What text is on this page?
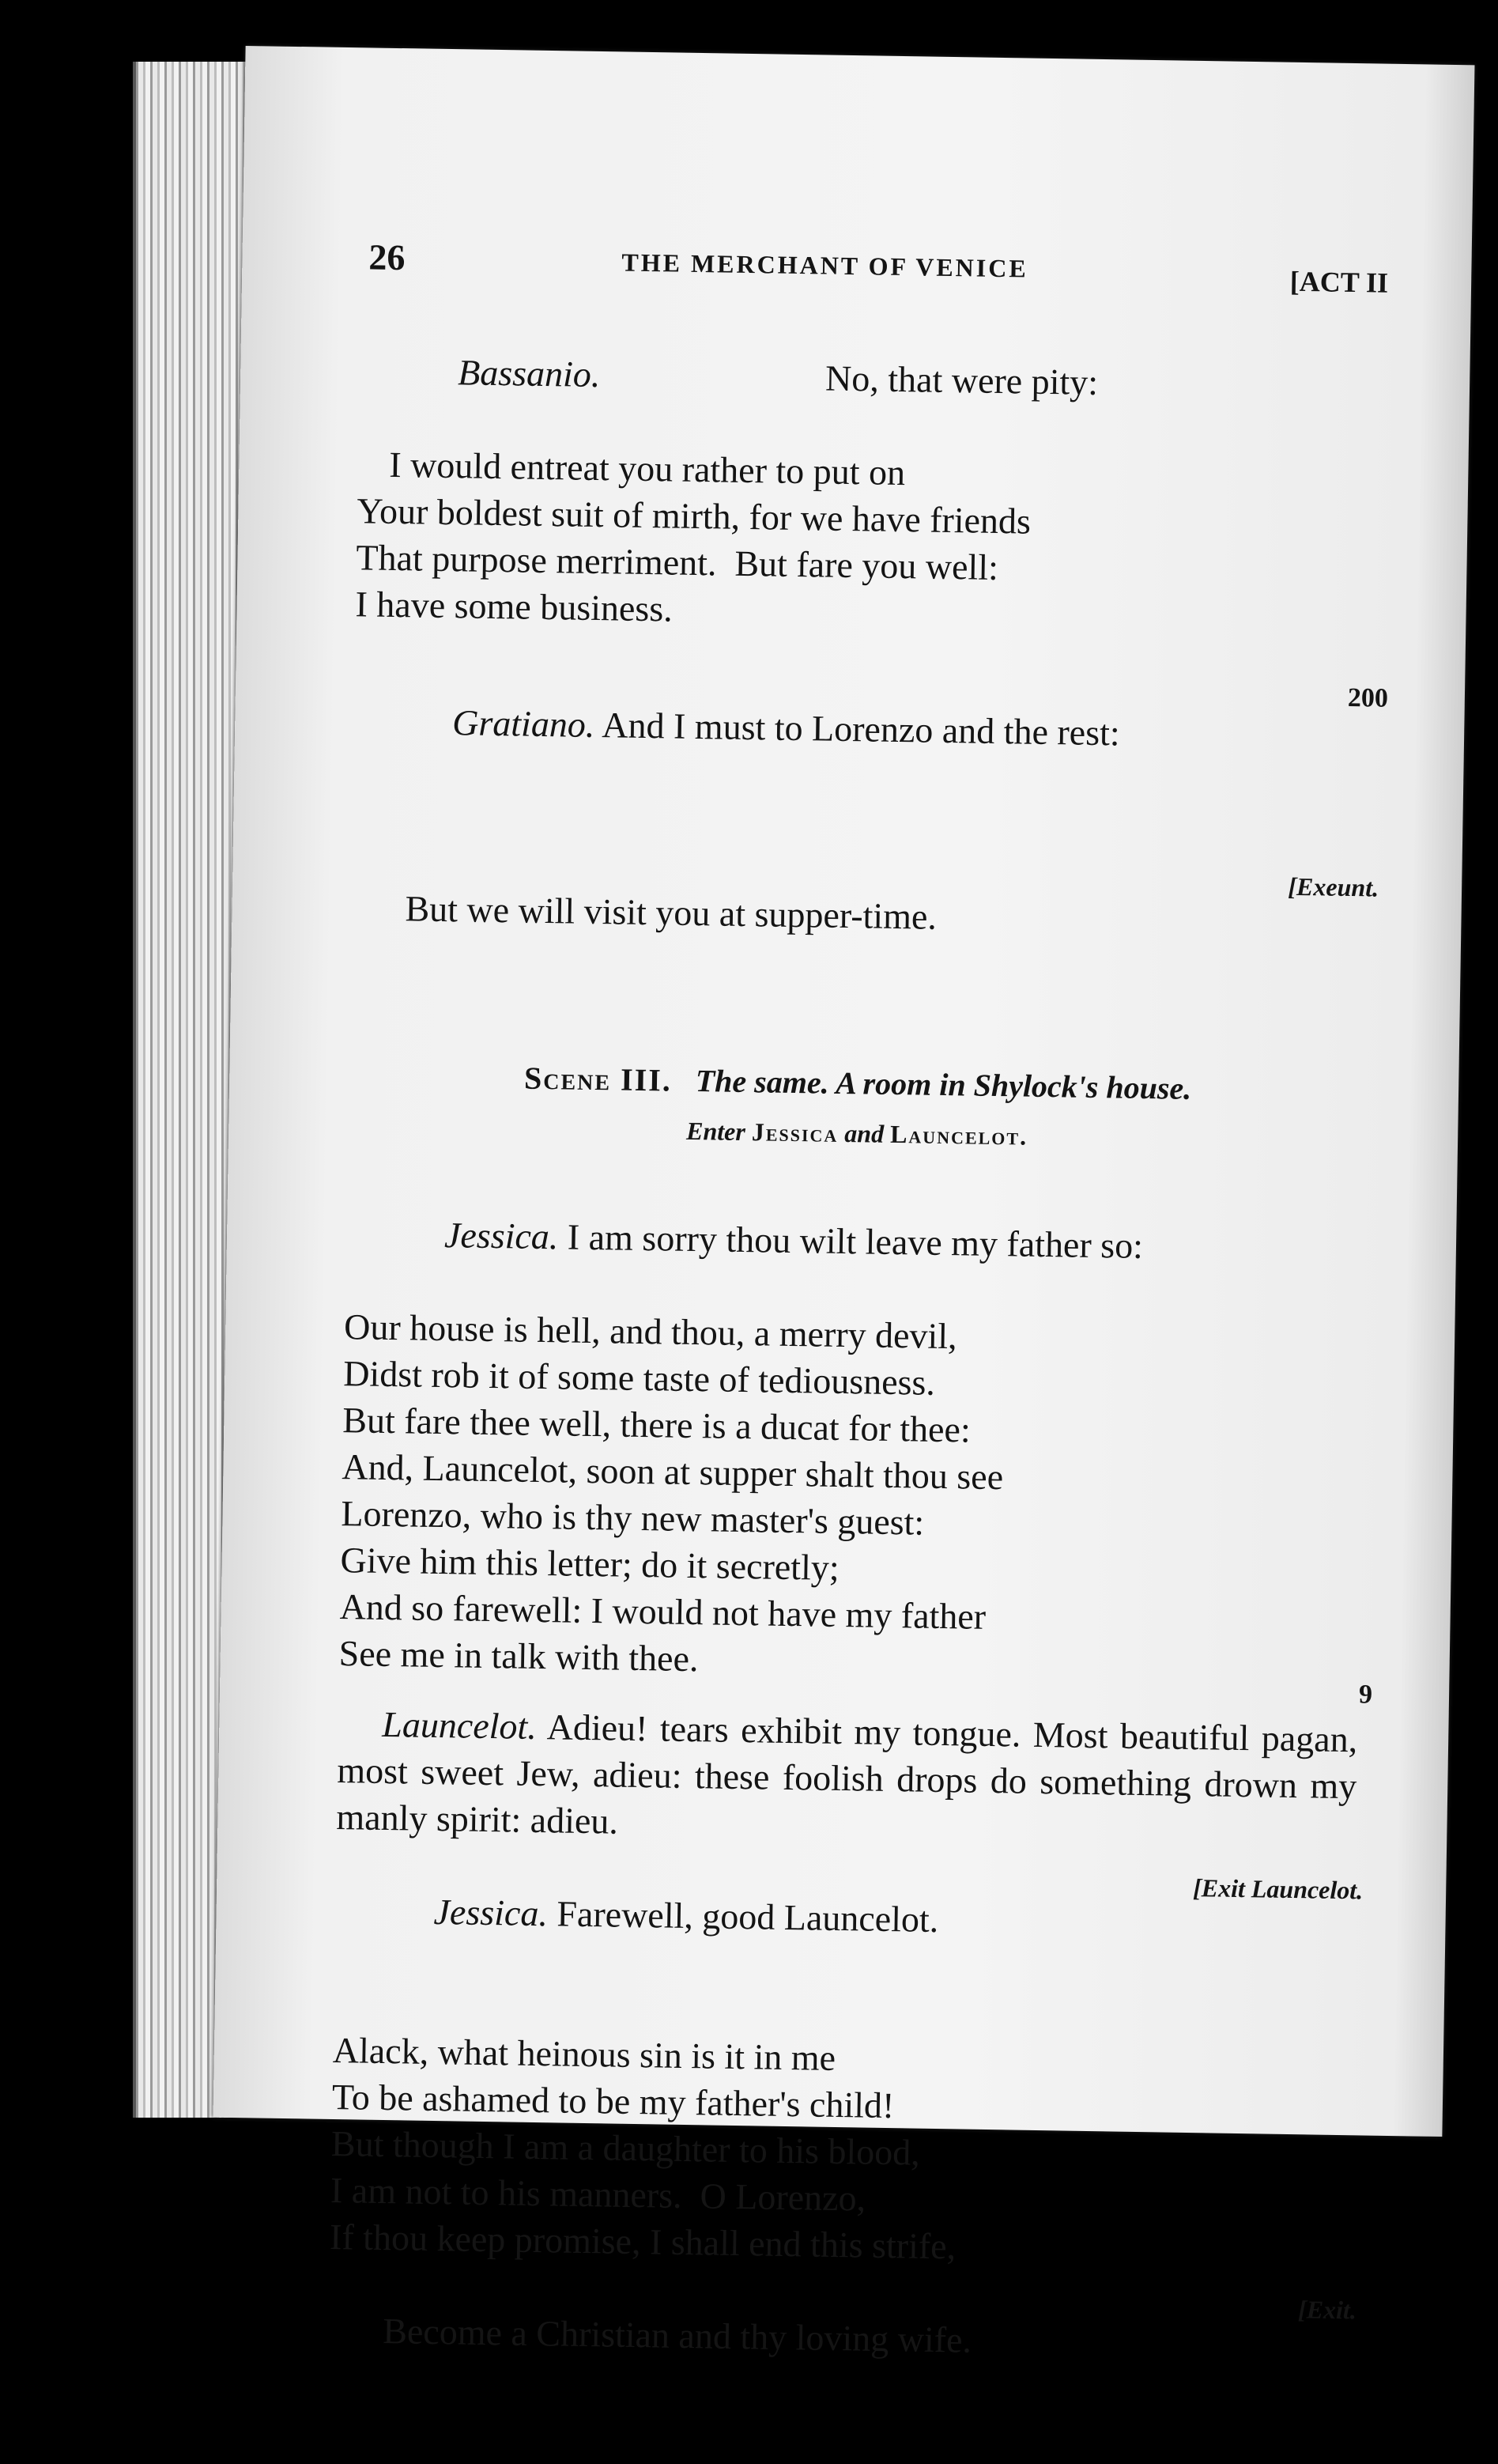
26	THE MERCHANT OF VENICE	[ACT II

Bassanio.	No, that were pity:

I would entreat you rather to put on
Your boldest suit of mirth, for we have friends
That purpose merriment.  But fare you well:
I have some business.

Gratiano. And I must to Lorenzo and the rest:

200

But we will visit you at supper-time.

[Exeunt.

Scene III. The same. A room in Shylock's house.
Enter Jessica and Launcelot.

Jessica. I am sorry thou wilt leave my father so:

Our house is hell, and thou, a merry devil,
Didst rob it of some taste of tediousness.
But fare thee well, there is a ducat for thee:
And, Launcelot, soon at supper shalt thou see
Lorenzo, who is thy new master's guest:
Give him this letter; do it secretly;
And so farewell: I would not have my father
See me in talk with thee.
9
Launcelot. Adieu! tears exhibit my tongue. Most beautiful pagan, most sweet Jew, adieu: these foolish drops do something drown my manly spirit: adieu.

Jessica. Farewell, good Launcelot.

[Exit Launcelot.

Alack, what heinous sin is it in me
To be ashamed to be my father's child!
But though I am a daughter to his blood,
I am not to his manners.  O Lorenzo,
If thou keep promise, I shall end this strife,

Become a Christian and thy loving wife.

[Exit.
